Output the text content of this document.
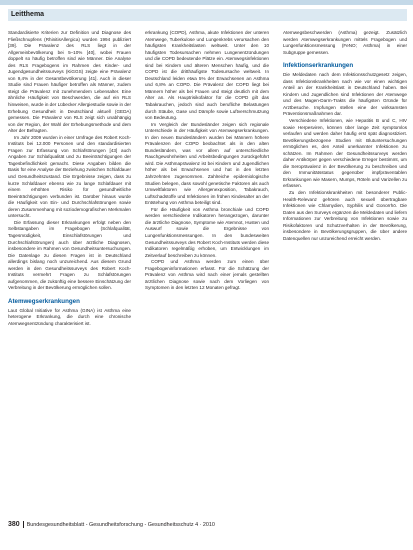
Leitthema

Standardisierte Kriterien zur Definition und Diagnose des Fließschnupfens (RhinitisAllergica) wurden 1994 publiziert [39]. Die Prävalenz des RLS liegt in der Allgemeinbevölkerung bei 5–10% [40], wobei Frauen doppelt so häufig betroffen sind wie Männer. Die Analyse des RLS Fragebogens im Rahmen des Kinder- und Jugendgesundheitssurveys (KiGGS) zeigte eine Prävalenz von 9,4% in der Gesamtbevölkerung [41]. Auch in dieser Studie sind Frauen häufiger betroffen als Männer, zudem steigt die Prävalenz mit zunehmendem Lebensalter. Eine ähnliche Häufigkeit von Beschwerden, die auf ein RLS hinweisen, wurde in der Lübecker Allergiestudie sowie in der Erhebung Gesundheit in Deutschland aktuell (GEDA) gemessen. Die Prävalenz von RLS zeigt sich unabhängig von der Region, der Wahl der Erhebungsmethode und dem Alter der Befragten.

Im Jahr 2009 wurden in einer Umfrage des Robert Koch-Instituts bei 12.000 Personen und den standardisierten Fragen zur Erfassung von Schlafstörungen [43] auch Angaben zur Schlafqualität und zu Beeinträchtigungen der Tagesbefindlichkeit gemacht. Diese Angaben bilden die Basis für eine Analyse der Beziehung zwischen Schlafdauer und Gesundheitszustand. Die Ergebnisse zeigen, dass zu kurze Schlafdauer ebenso wie zu lange Schlafdauer mit einem erhöhten Risiko für gesundheitliche Beeinträchtigungen verbunden ist. Darüber hinaus wurde die Häufigkeit von Ein- und Durchschlafstörungen sowie deren Zusammenhang mit soziodemografischen Merkmalen untersucht.

Die Erfassung dieser Erkrankungen erfolgt neben den Selbstangaben im Fragebogen (Schlafqualität, Tagesmüdigkeit, Einschlafstörungen und Durchschlafstörungen) auch über ärztliche Diagnosen, insbesondere im Rahmen von Gesundheitsuntersuchungen. Die Datenlage zu diesen Fragen ist in Deutschland allerdings bislang noch unzureichend. Aus diesem Grund werden in den Gesundheitssurveys des Robert Koch-Instituts vermehrt Fragen zu Schlafstörungen aufgenommen, die zukünftig eine bessere Einschätzung der Verbreitung in der Bevölkerung ermöglichen sollen.

Atemwegserkrankungen

Laut Global Initiative for Asthma (GINA) ist Asthma eine heterogene Erkrankung, die durch eine chronische Atemwegsentzündung charakterisiert ist.

erkrankung (COPD), Asthma, akute Infektionen der unteren Atemwege, Tuberkulose und Lungenkrebs verursachen den häufigsten Krankheitslasten weltweit. Unter den 10 häufigsten Todesursachen nehmen Lungenentzündungen und die COPD bedeutende Plätze ein. Atemwegsinfektionen sind bei Kindern und älteren Menschen häufig, und die COPD ist die dritthäufigste Todesursache weltweit. In Deutschland leiden etwa 5% der Erwachsenen an Asthma und 6,8% an COPD. Die Prävalenz der COPD liegt bei Männern höher als bei Frauen und steigt deutlich mit dem Alter an. Als Hauptrisikofaktor für die COPD gilt das Tabakrauchen, jedoch sind auch berufliche Belastungen durch Stäube, Gase und Dämpfe sowie Luftverschmutzung von Bedeutung.

Im Vergleich der Bundesländer zeigen sich regionale Unterschiede in der Häufigkeit von Atemwegserkrankungen. In den neuen Bundesländern wurden bei Männern höhere Prävalenzen der COPD beobachtet als in den alten Bundesländern, was vor allem auf unterschiedliche Rauchgewohnheiten und Arbeitsbedingungen zurückgeführt wird. Die Asthmaprävalenz ist bei Kindern und Jugendlichen höher als bei Erwachsenen und hat in den letzten Jahrzehnten zugenommen. Zahlreiche epidemiologische Studien belegen, dass sowohl genetische Faktoren als auch Umweltfaktoren wie Allergenexposition, Tabakrauch, Luftschadstoffe und Infektionen im frühen Kindesalter an der Entstehung von Asthma beteiligt sind.

Für die Häufigkeit von Asthma bronchiale und COPD werden verschiedene Indikatoren herangezogen, darunter die ärztliche Diagnose, Symptome wie Atemnot, Husten und Auswurf sowie die Ergebnisse von Lungenfunktionsmessungen. In den bundesweiten Gesundheitssurveys des Robert Koch-Instituts werden diese Indikatoren regelmäßig erhoben, um Entwicklungen im Zeitverlauf beschreiben zu können.

COPD und Asthma werden zum einen über Fragebogeninformationen erfasst. Für die Schätzung der Prävalenz von Asthma wird nach einer jemals gestellten ärztlichen Diagnose sowie nach dem Vorliegen von Symptomen in den letzten 12 Monaten gefragt.

Atemwegsbeschwerden (Asthma) gezeigt. Zusätzlich werden Atemwegserkrankungen mittels Fragebogen und Lungenfunktionsmessung (FeNO; Asthma) in einer Subgruppe gemessen.

Infektionserkrankungen

Die Meldedaten nach dem Infektionsschutzgesetz zeigen, dass Infektionskrankheiten nach wie vor einen wichtigen Anteil an der Krankheitslast in Deutschland haben. Bei Kindern und Jugendlichen sind Infektionen der Atemwege und des Magen-Darm-Trakts die häufigsten Gründe für Arztbesuche. Impfungen stellen eine der wirksamsten Präventionsmaßnahmen dar.

Verschiedene Infektionen, wie Hepatitis B und C, HIV sowie Herpesviren, können über lange Zeit symptomlos verlaufen und werden daher häufig erst spät diagnostiziert. Bevölkerungsbezogene Studien mit Blutuntersuchungen ermöglichen es, den Anteil unerkannter Infektionen zu schätzen. Im Rahmen der Gesundheitssurveys werden daher Antikörper gegen verschiedene Erreger bestimmt, um die Seroprävalenz in der Bevölkerung zu beschreiben und den Immunitätsstatus gegenüber impfpräventablen Erkrankungen wie Masern, Mumps, Röteln und Varizellen zu erfassen.

Zu den Infektionskrankheiten mit besonderer Public-Health-Relevanz gehören auch sexuell übertragbare Infektionen wie Chlamydien, Syphilis und Gonorrhö. Die Daten aus den Surveys ergänzen die Meldedaten und liefern Informationen zur Verbreitung von Infektionen sowie zu Risikofaktoren und Schutzverhalten in der Bevölkerung, insbesondere in Bevölkerungsgruppen, die über andere Datenquellen nur unzureichend erreicht werden.

380 Bundesgesundheitsblatt - Gesundheitsforschung - Gesundheitsschutz 4 · 2010
